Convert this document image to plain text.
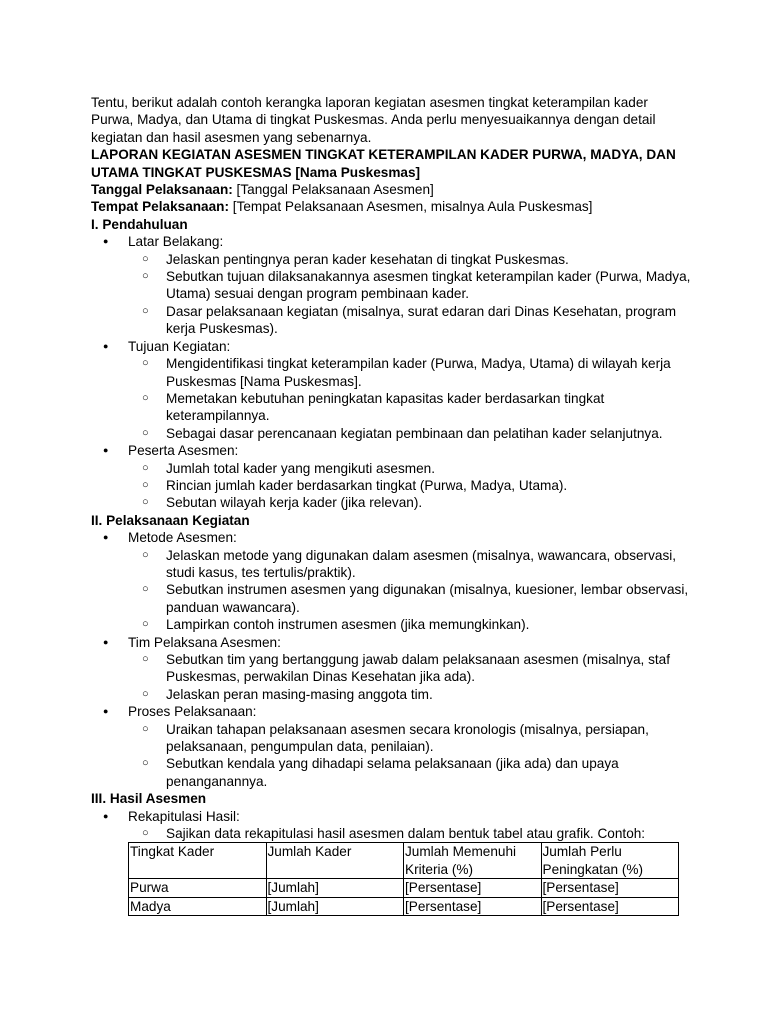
Tentu, berikut adalah contoh kerangka laporan kegiatan asesmen tingkat keterampilan kader Purwa, Madya, dan Utama di tingkat Puskesmas. Anda perlu menyesuaikannya dengan detail kegiatan dan hasil asesmen yang sebenarnya.

LAPORAN KEGIATAN ASESMEN TINGKAT KETERAMPILAN KADER PURWA, MADYA, DAN UTAMA TINGKAT PUSKESMAS [Nama Puskesmas]

Tanggal Pelaksanaan: [Tanggal Pelaksanaan Asesmen]

Tempat Pelaksanaan: [Tempat Pelaksanaan Asesmen, misalnya Aula Puskesmas]

I. Pendahuluan

● Latar Belakang:
○ Jelaskan pentingnya peran kader kesehatan di tingkat Puskesmas.
○ Sebutkan tujuan dilaksanakannya asesmen tingkat keterampilan kader (Purwa, Madya, Utama) sesuai dengan program pembinaan kader.
○ Dasar pelaksanaan kegiatan (misalnya, surat edaran dari Dinas Kesehatan, program kerja Puskesmas).
● Tujuan Kegiatan:
○ Mengidentifikasi tingkat keterampilan kader (Purwa, Madya, Utama) di wilayah kerja Puskesmas [Nama Puskesmas].
○ Memetakan kebutuhan peningkatan kapasitas kader berdasarkan tingkat keterampilannya.
○ Sebagai dasar perencanaan kegiatan pembinaan dan pelatihan kader selanjutnya.
● Peserta Asesmen:
○ Jumlah total kader yang mengikuti asesmen.
○ Rincian jumlah kader berdasarkan tingkat (Purwa, Madya, Utama).
○ Sebutan wilayah kerja kader (jika relevan).

II. Pelaksanaan Kegiatan

● Metode Asesmen:
○ Jelaskan metode yang digunakan dalam asesmen (misalnya, wawancara, observasi, studi kasus, tes tertulis/praktik).
○ Sebutkan instrumen asesmen yang digunakan (misalnya, kuesioner, lembar observasi, panduan wawancara).
○ Lampirkan contoh instrumen asesmen (jika memungkinkan).
● Tim Pelaksana Asesmen:
○ Sebutkan tim yang bertanggung jawab dalam pelaksanaan asesmen (misalnya, staf Puskesmas, perwakilan Dinas Kesehatan jika ada).
○ Jelaskan peran masing-masing anggota tim.
● Proses Pelaksanaan:
○ Uraikan tahapan pelaksanaan asesmen secara kronologis (misalnya, persiapan, pelaksanaan, pengumpulan data, penilaian).
○ Sebutkan kendala yang dihadapi selama pelaksanaan (jika ada) dan upaya penanganannya.

III. Hasil Asesmen

● Rekapitulasi Hasil:
○ Sajikan data rekapitulasi hasil asesmen dalam bentuk tabel atau grafik. Contoh:
Tingkat Kader	Jumlah Kader	Jumlah Memenuhi Kriteria (%)	Jumlah Perlu Peningkatan (%)
Purwa	[Jumlah]	[Persentase]	[Persentase]
Madya	[Jumlah]	[Persentase]	[Persentase]
